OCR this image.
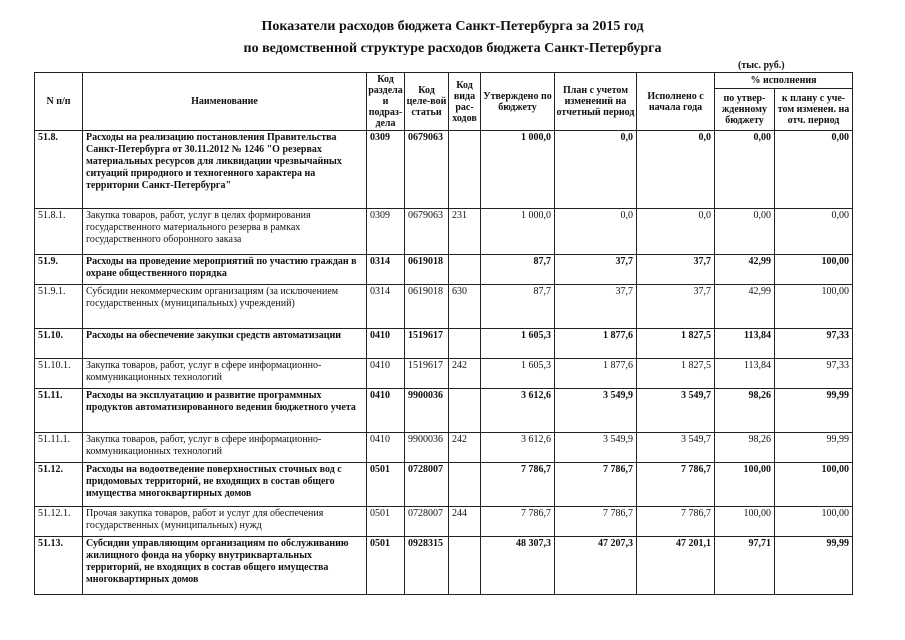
Показатели расходов бюджета Санкт-Петербурга за 2015 год
по ведомственной структуре расходов бюджета Санкт-Петербурга
(тыс. руб.)
N п/п	Наименование	Код раздела и подраз-дела	Код целе-вой статьи	Код вида рас-ходов	Утверждено по бюджету	План с учетом изменений на отчетный период	Исполнено с начала года	% исполнения	
								по утвер-жденному бюджету	к плану с уче-том изменен. на отч. период
51.8.	Расходы на реализацию постановления Правительства Санкт-Петербурга от 30.11.2012 № 1246 "О резервах материальных ресурсов для ликвидации чрезвычайных ситуаций природного и техногенного характера на территории Санкт-Петербурга"	0309	0679063		1 000,0	0,0	0,0	0,00	0,00
51.8.1.	Закупка товаров, работ, услуг в целях формирования государственного материального резерва в рамках государственного оборонного заказа	0309	0679063	231	1 000,0	0,0	0,0	0,00	0,00
51.9.	Расходы на проведение мероприятий по участию граждан в охране общественного порядка	0314	0619018		87,7	37,7	37,7	42,99	100,00
51.9.1.	Субсидии некоммерческим организациям (за исключением государственных (муниципальных) учреждений)	0314	0619018	630	87,7	37,7	37,7	42,99	100,00
51.10.	Расходы на обеспечение закупки средств автоматизации	0410	1519617		1 605,3	1 877,6	1 827,5	113,84	97,33
51.10.1.	Закупка товаров, работ, услуг в сфере информационно-коммуникационных технологий	0410	1519617	242	1 605,3	1 877,6	1 827,5	113,84	97,33
51.11.	Расходы на эксплуатацию и развитие программных продуктов автоматизированного ведения бюджетного учета	0410	9900036		3 612,6	3 549,9	3 549,7	98,26	99,99
51.11.1.	Закупка товаров, работ, услуг в сфере информационно-коммуникационных технологий	0410	9900036	242	3 612,6	3 549,9	3 549,7	98,26	99,99
51.12.	Расходы на водоотведение поверхностных сточных вод с придомовых территорий, не входящих в состав общего имущества многоквартирных домов	0501	0728007		7 786,7	7 786,7	7 786,7	100,00	100,00
51.12.1.	Прочая закупка товаров, работ и услуг для обеспечения государственных (муниципальных) нужд	0501	0728007	244	7 786,7	7 786,7	7 786,7	100,00	100,00
51.13.	Субсидии управляющим организациям по обслуживанию жилищного фонда на уборку внутриквартальных территорий, не входящих в состав общего имущества многоквартирных домов	0501	0928315		48 307,3	47 207,3	47 201,1	97,71	99,99
